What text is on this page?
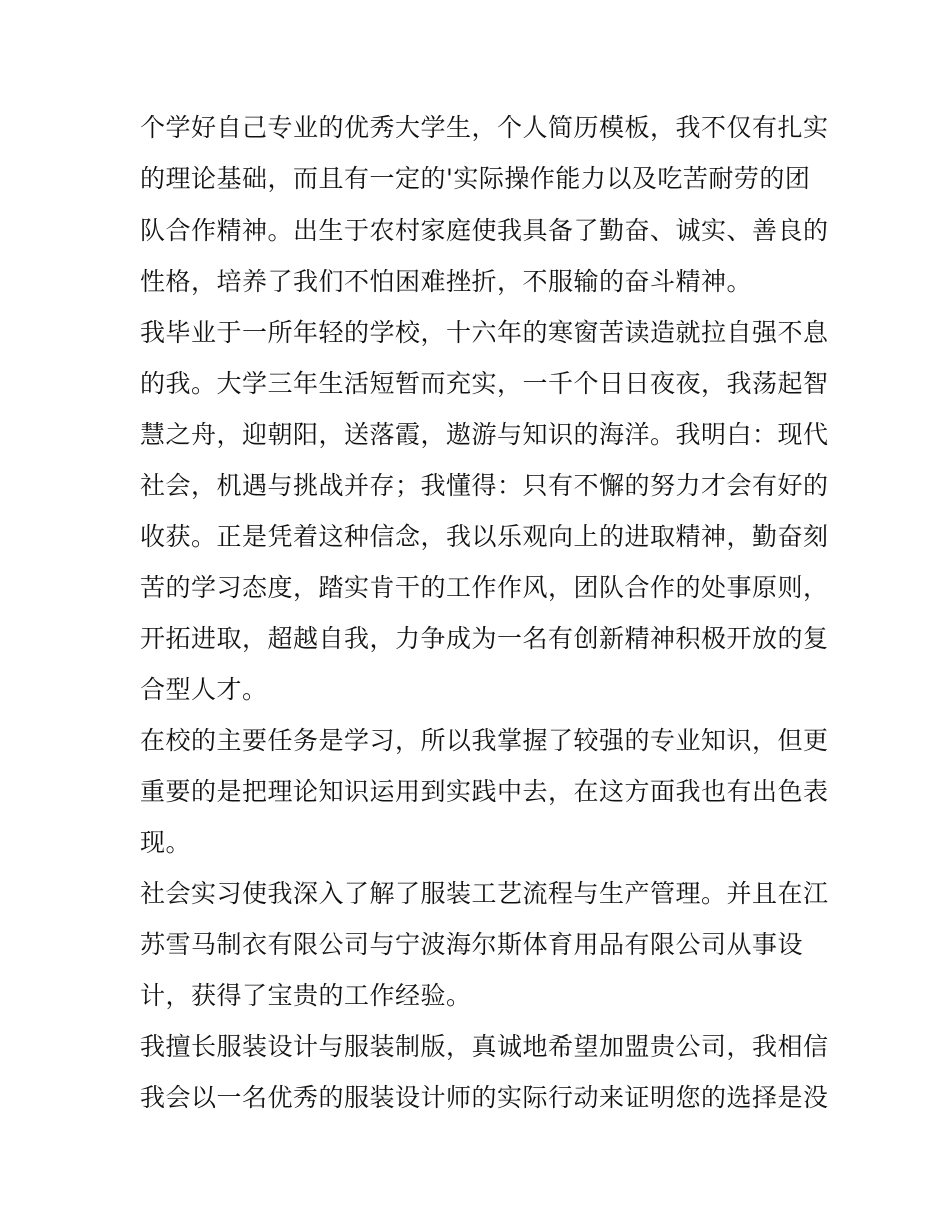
个学好自己专业的优秀大学生，个人简历模板，我不仅有扎实

的理论基础，而且有一定的'实际操作能力以及吃苦耐劳的团

队合作精神。出生于农村家庭使我具备了勤奋、诚实、善良的

性格，培养了我们不怕困难挫折，不服输的奋斗精神。

我毕业于一所年轻的学校，十六年的寒窗苦读造就拉自强不息

的我。大学三年生活短暂而充实，一千个日日夜夜，我荡起智

慧之舟，迎朝阳，送落霞，遨游与知识的海洋。我明白：现代

社会，机遇与挑战并存；我懂得：只有不懈的努力才会有好的

收获。正是凭着这种信念，我以乐观向上的进取精神，勤奋刻

苦的学习态度，踏实肯干的工作作风，团队合作的处事原则，

开拓进取，超越自我，力争成为一名有创新精神积极开放的复

合型人才。

在校的主要任务是学习，所以我掌握了较强的专业知识，但更

重要的是把理论知识运用到实践中去，在这方面我也有出色表

现。

社会实习使我深入了解了服装工艺流程与生产管理。并且在江

苏雪马制衣有限公司与宁波海尔斯体育用品有限公司从事设

计，获得了宝贵的工作经验。

我擅长服装设计与服装制版，真诚地希望加盟贵公司，我相信

我会以一名优秀的服装设计师的实际行动来证明您的选择是没
